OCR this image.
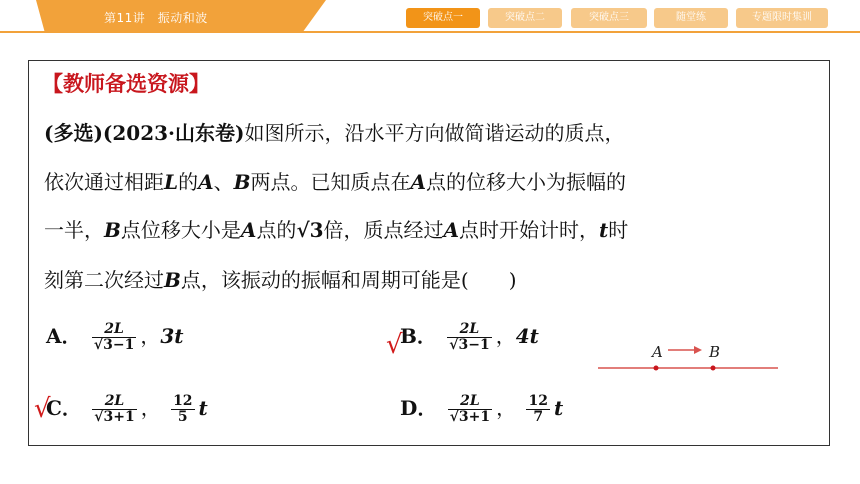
第11讲　振动和波	突破点一	突破点二	突破点三	随堂练	专题限时集训
【教师备选资源】
(多选)(2023·山东卷)如图所示，沿水平方向做简谐运动的质点，
依次通过相距L的A、B两点。已知质点在A点的位移大小为振幅的
一半，B点位移大小是A点的√3倍，质点经过A点时开始计时，t时
刻第二次经过B点，该振动的振幅和周期可能是(　　)
A． $\frac{2L}{√3-1}$ ，3t	B． $\frac{2L}{√3-1}$ ，4t
C． $\frac{2L}{√3+1}$ ， $\frac{12}{5}$ t	D． $\frac{2L}{√3+1}$ ， $\frac{12}{7}$ t
√
√
A	B
